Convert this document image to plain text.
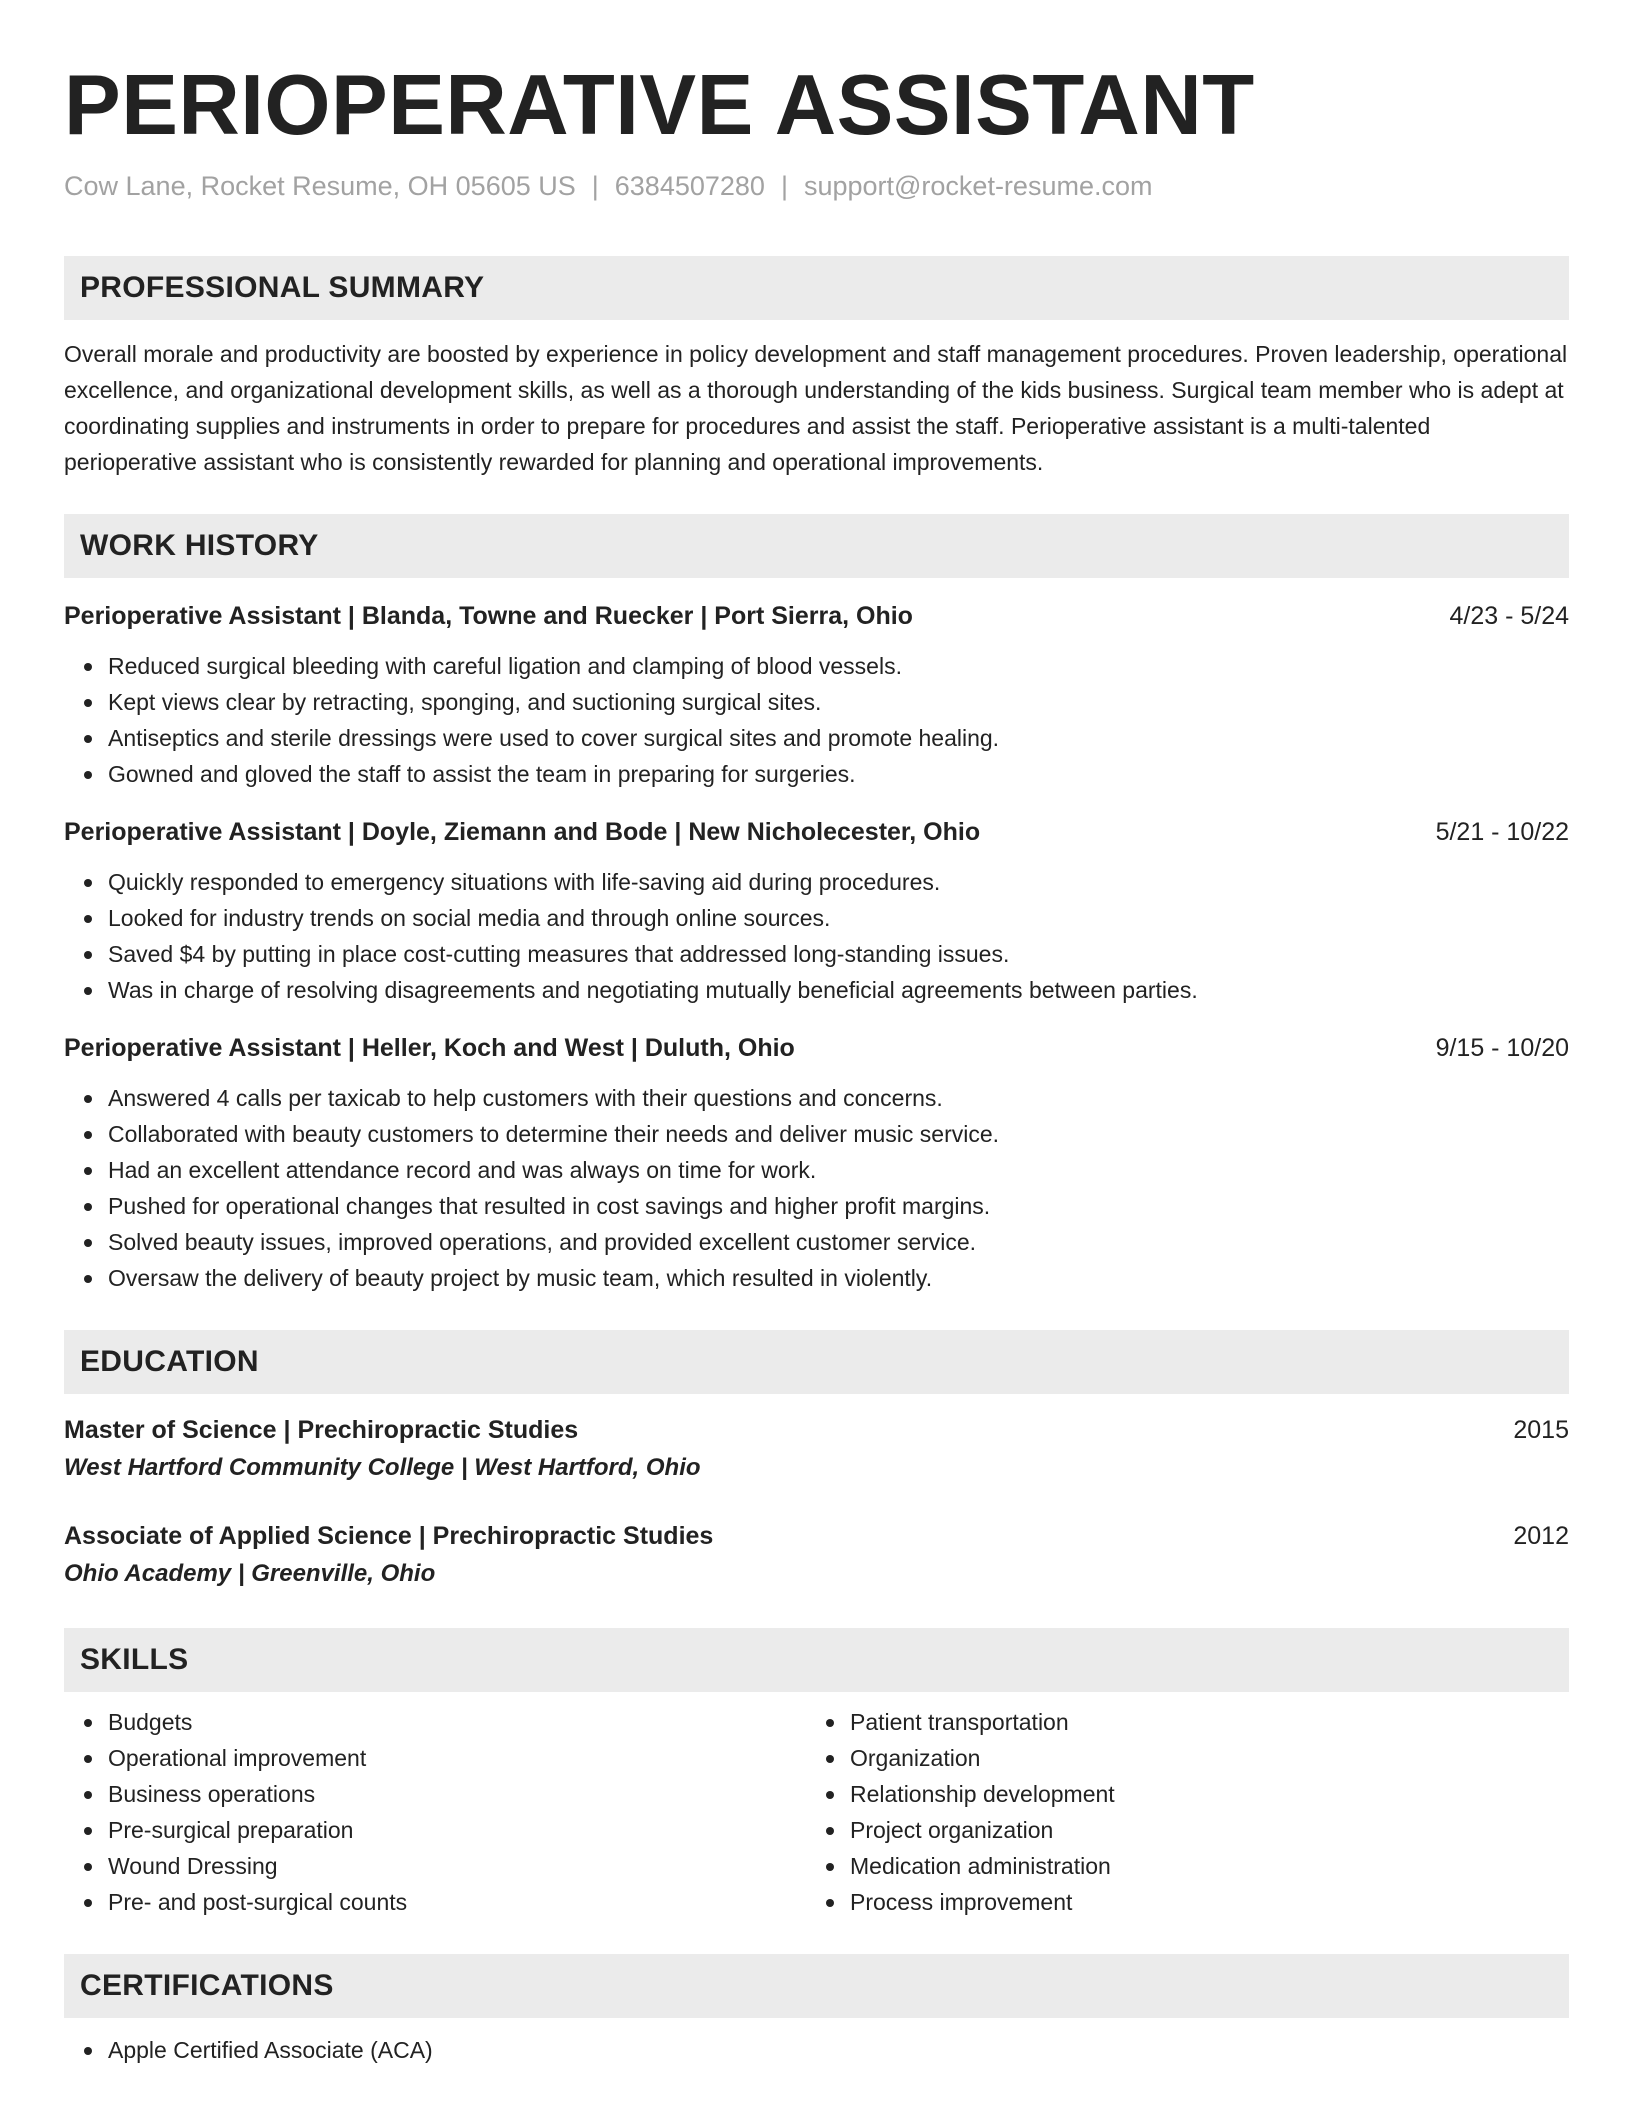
PERIOPERATIVE ASSISTANT
Cow Lane, Rocket Resume, OH 05605 US | 6384507280 | support@rocket-resume.com
PROFESSIONAL SUMMARY

Overall morale and productivity are boosted by experience in policy development and staff management procedures. Proven leadership, operational excellence, and organizational development skills, as well as a thorough understanding of the kids business. Surgical team member who is adept at coordinating supplies and instruments in order to prepare for procedures and assist the staff. Perioperative assistant is a multi-talented perioperative assistant who is consistently rewarded for planning and operational improvements.

WORK HISTORY
Perioperative Assistant | Blanda, Towne and Ruecker | Port Sierra, Ohio	4/23 - 5/24
Reduced surgical bleeding with careful ligation and clamping of blood vessels.
Kept views clear by retracting, sponging, and suctioning surgical sites.
Antiseptics and sterile dressings were used to cover surgical sites and promote healing.
Gowned and gloved the staff to assist the team in preparing for surgeries.
Perioperative Assistant | Doyle, Ziemann and Bode | New Nicholecester, Ohio	5/21 - 10/22
Quickly responded to emergency situations with life-saving aid during procedures.
Looked for industry trends on social media and through online sources.
Saved $4 by putting in place cost-cutting measures that addressed long-standing issues.
Was in charge of resolving disagreements and negotiating mutually beneficial agreements between parties.
Perioperative Assistant | Heller, Koch and West | Duluth, Ohio	9/15 - 10/20
Answered 4 calls per taxicab to help customers with their questions and concerns.
Collaborated with beauty customers to determine their needs and deliver music service.
Had an excellent attendance record and was always on time for work.
Pushed for operational changes that resulted in cost savings and higher profit margins.
Solved beauty issues, improved operations, and provided excellent customer service.
Oversaw the delivery of beauty project by music team, which resulted in violently.
EDUCATION
Master of Science | Prechiropractic Studies	2015
West Hartford Community College | West Hartford, Ohio
Associate of Applied Science | Prechiropractic Studies	2012
Ohio Academy | Greenville, Ohio
SKILLS
Budgets
Operational improvement
Business operations
Pre-surgical preparation
Wound Dressing
Pre- and post-surgical counts
Patient transportation
Organization
Relationship development
Project organization
Medication administration
Process improvement
CERTIFICATIONS
Apple Certified Associate (ACA)
